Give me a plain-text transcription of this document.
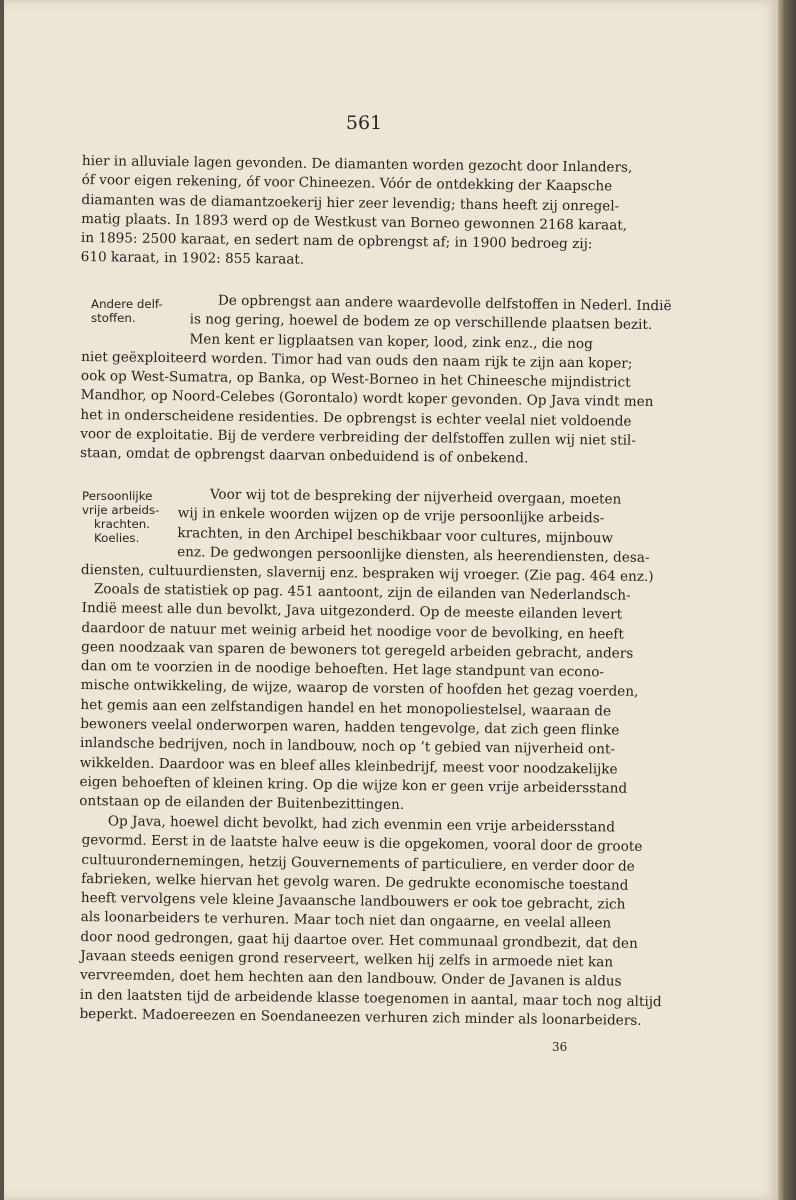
561
hier in alluviale lagen gevonden. De diamanten worden gezocht door Inlanders,
óf voor eigen rekening, óf voor Chineezen. Vóór de ontdekking der Kaapsche
diamanten was de diamantzoekerij hier zeer levendig; thans heeft zij onregel-
matig plaats. In 1893 werd op de Westkust van Borneo gewonnen 2168 karaat,
in 1895: 2500 karaat, en sedert nam de opbrengst af; in 1900 bedroeg zij:
610 karaat, in 1902: 855 karaat.
Andere delf-
stoffen.
De opbrengst aan andere waardevolle delfstoffen in Nederl. Indië
is nog gering, hoewel de bodem ze op verschillende plaatsen bezit.
Men kent er ligplaatsen van koper, lood, zink enz., die nog
niet geëxploiteerd worden. Timor had van ouds den naam rijk te zijn aan koper;
ook op West-Sumatra, op Banka, op West-Borneo in het Chineesche mijndistrict
Mandhor, op Noord-Celebes (Gorontalo) wordt koper gevonden. Op Java vindt men
het in onderscheidene residenties. De opbrengst is echter veelal niet voldoende
voor de exploitatie. Bij de verdere verbreiding der delfstoffen zullen wij niet stil-
staan, omdat de opbrengst daarvan onbeduidend is of onbekend.
Persoonlijke
vrije arbeids-
krachten.
Koelies.
Voor wij tot de bespreking der nijverheid overgaan, moeten
wij in enkele woorden wijzen op de vrije persoonlijke arbeids-
krachten, in den Archipel beschikbaar voor cultures, mijnbouw
enz. De gedwongen persoonlijke diensten, als heerendiensten, desa-
diensten, cultuurdiensten, slavernij enz. bespraken wij vroeger. (Zie pag. 464 enz.)
Zooals de statistiek op pag. 451 aantoont, zijn de eilanden van Nederlandsch-
Indië meest alle dun bevolkt, Java uitgezonderd. Op de meeste eilanden levert
daardoor de natuur met weinig arbeid het noodige voor de bevolking, en heeft
geen noodzaak van sparen de bewoners tot geregeld arbeiden gebracht, anders
dan om te voorzien in de noodige behoeften. Het lage standpunt van econo-
mische ontwikkeling, de wijze, waarop de vorsten of hoofden het gezag voerden,
het gemis aan een zelfstandigen handel en het monopoliestelsel, waaraan de
bewoners veelal onderworpen waren, hadden tengevolge, dat zich geen flinke
inlandsche bedrijven, noch in landbouw, noch op ’t gebied van nijverheid ont-
wikkelden. Daardoor was en bleef alles kleinbedrijf, meest voor noodzakelijke
eigen behoeften of kleinen kring. Op die wijze kon er geen vrije arbeidersstand
ontstaan op de eilanden der Buitenbezittingen.
Op Java, hoewel dicht bevolkt, had zich evenmin een vrije arbeidersstand
gevormd. Eerst in de laatste halve eeuw is die opgekomen, vooral door de groote
cultuurondernemingen, hetzij Gouvernements of particuliere, en verder door de
fabrieken, welke hiervan het gevolg waren. De gedrukte economische toestand
heeft vervolgens vele kleine Javaansche landbouwers er ook toe gebracht, zich
als loonarbeiders te verhuren. Maar toch niet dan ongaarne, en veelal alleen
door nood gedrongen, gaat hij daartoe over. Het communaal grondbezit, dat den
Javaan steeds eenigen grond reserveert, welken hij zelfs in armoede niet kan
vervreemden, doet hem hechten aan den landbouw. Onder de Javanen is aldus
in den laatsten tijd de arbeidende klasse toegenomen in aantal, maar toch nog altijd
beperkt. Madoereezen en Soendaneezen verhuren zich minder als loonarbeiders.
36
